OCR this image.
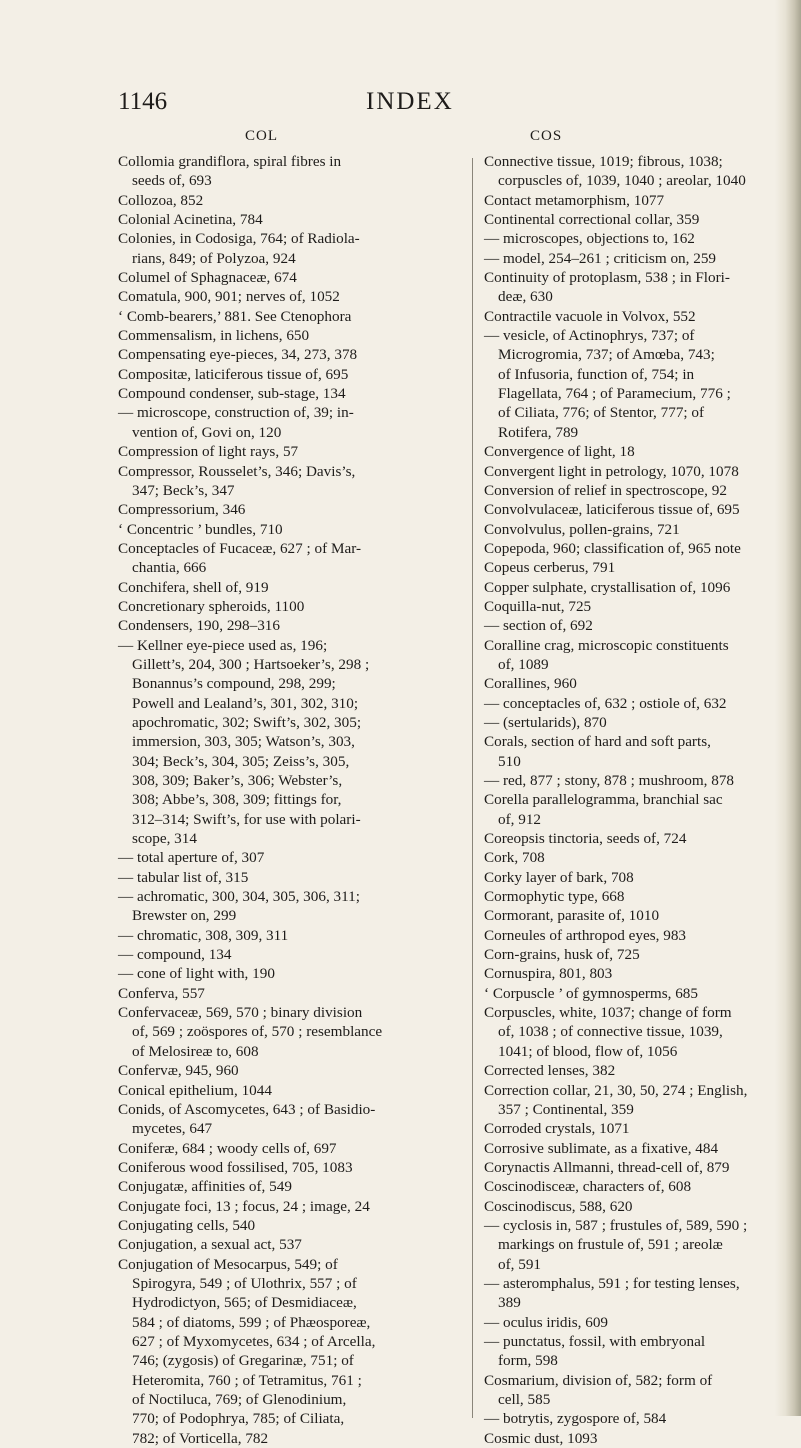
1146	INDEX
COL	COS
Collomia grandiflora, spiral fibres in
seeds of, 693
Collozoa, 852
Colonial Acinetina, 784
Colonies, in Codosiga, 764; of Radiola-
rians, 849; of Polyzoa, 924
Columel of Sphagnaceæ, 674
Comatula, 900, 901; nerves of, 1052
‘ Comb-bearers,’ 881. See Ctenophora
Commensalism, in lichens, 650
Compensating eye-pieces, 34, 273, 378
Compositæ, laticiferous tissue of, 695
Compound condenser, sub-stage, 134
— microscope, construction of, 39; in-
vention of, Govi on, 120
Compression of light rays, 57
Compressor, Rousselet’s, 346; Davis’s,
347; Beck’s, 347
Compressorium, 346
‘ Concentric ’ bundles, 710
Conceptacles of Fucaceæ, 627 ; of Mar-
chantia, 666
Conchifera, shell of, 919
Concretionary spheroids, 1100
Condensers, 190, 298–316
— Kellner eye-piece used as, 196;
Gillett’s, 204, 300 ; Hartsoeker’s, 298 ;
Bonannus’s compound, 298, 299;
Powell and Lealand’s, 301, 302, 310;
apochromatic, 302; Swift’s, 302, 305;
immersion, 303, 305; Watson’s, 303,
304; Beck’s, 304, 305; Zeiss’s, 305,
308, 309; Baker’s, 306; Webster’s,
308; Abbe’s, 308, 309; fittings for,
312–314; Swift’s, for use with polari-
scope, 314
— total aperture of, 307
— tabular list of, 315
— achromatic, 300, 304, 305, 306, 311;
Brewster on, 299
— chromatic, 308, 309, 311
— compound, 134
— cone of light with, 190
Conferva, 557
Confervaceæ, 569, 570 ; binary division
of, 569 ; zoöspores of, 570 ; resemblance
of Melosireæ to, 608
Confervæ, 945, 960
Conical epithelium, 1044
Conids, of Ascomycetes, 643 ; of Basidio-
mycetes, 647
Coniferæ, 684 ; woody cells of, 697
Coniferous wood fossilised, 705, 1083
Conjugatæ, affinities of, 549
Conjugate foci, 13 ; focus, 24 ; image, 24
Conjugating cells, 540
Conjugation, a sexual act, 537
Conjugation of Mesocarpus, 549; of
Spirogyra, 549 ; of Ulothrix, 557 ; of
Hydrodictyon, 565; of Desmidiaceæ,
584 ; of diatoms, 599 ; of Phæosporeæ,
627 ; of Myxomycetes, 634 ; of Arcella,
746; (zygosis) of Gregarinæ, 751; of
Heteromita, 760 ; of Tetramitus, 761 ;
of Noctiluca, 769; of Glenodinium,
770; of Podophrya, 785; of Ciliata,
782; of Vorticella, 782
Connective tissue, 1019; fibrous, 1038;
corpuscles of, 1039, 1040 ; areolar, 1040
Contact metamorphism, 1077
Continental correctional collar, 359
— microscopes, objections to, 162
— model, 254–261 ; criticism on, 259
Continuity of protoplasm, 538 ; in Flori-
deæ, 630
Contractile vacuole in Volvox, 552
— vesicle, of Actinophrys, 737; of
Microgromia, 737; of Amœba, 743;
of Infusoria, function of, 754; in
Flagellata, 764 ; of Paramecium, 776 ;
of Ciliata, 776; of Stentor, 777; of
Rotifera, 789
Convergence of light, 18
Convergent light in petrology, 1070, 1078
Conversion of relief in spectroscope, 92
Convolvulaceæ, laticiferous tissue of, 695
Convolvulus, pollen-grains, 721
Copepoda, 960; classification of, 965 note
Copeus cerberus, 791
Copper sulphate, crystallisation of, 1096
Coquilla-nut, 725
— section of, 692
Coralline crag, microscopic constituents
of, 1089
Corallines, 960
— conceptacles of, 632 ; ostiole of, 632
— (sertularids), 870
Corals, section of hard and soft parts,
510
— red, 877 ; stony, 878 ; mushroom, 878
Corella parallelogramma, branchial sac
of, 912
Coreopsis tinctoria, seeds of, 724
Cork, 708
Corky layer of bark, 708
Cormophytic type, 668
Cormorant, parasite of, 1010
Corneules of arthropod eyes, 983
Corn-grains, husk of, 725
Cornuspira, 801, 803
‘ Corpuscle ’ of gymnosperms, 685
Corpuscles, white, 1037; change of form
of, 1038 ; of connective tissue, 1039,
1041; of blood, flow of, 1056
Corrected lenses, 382
Correction collar, 21, 30, 50, 274 ; English,
357 ; Continental, 359
Corroded crystals, 1071
Corrosive sublimate, as a fixative, 484
Corynactis Allmanni, thread-cell of, 879
Coscinodisceæ, characters of, 608
Coscinodiscus, 588, 620
— cyclosis in, 587 ; frustules of, 589, 590 ;
markings on frustule of, 591 ; areolæ
of, 591
— asteromphalus, 591 ; for testing lenses,
389
— oculus iridis, 609
— punctatus, fossil, with embryonal
form, 598
Cosmarium, division of, 582; form of
cell, 585
— botrytis, zygospore of, 584
Cosmic dust, 1093
